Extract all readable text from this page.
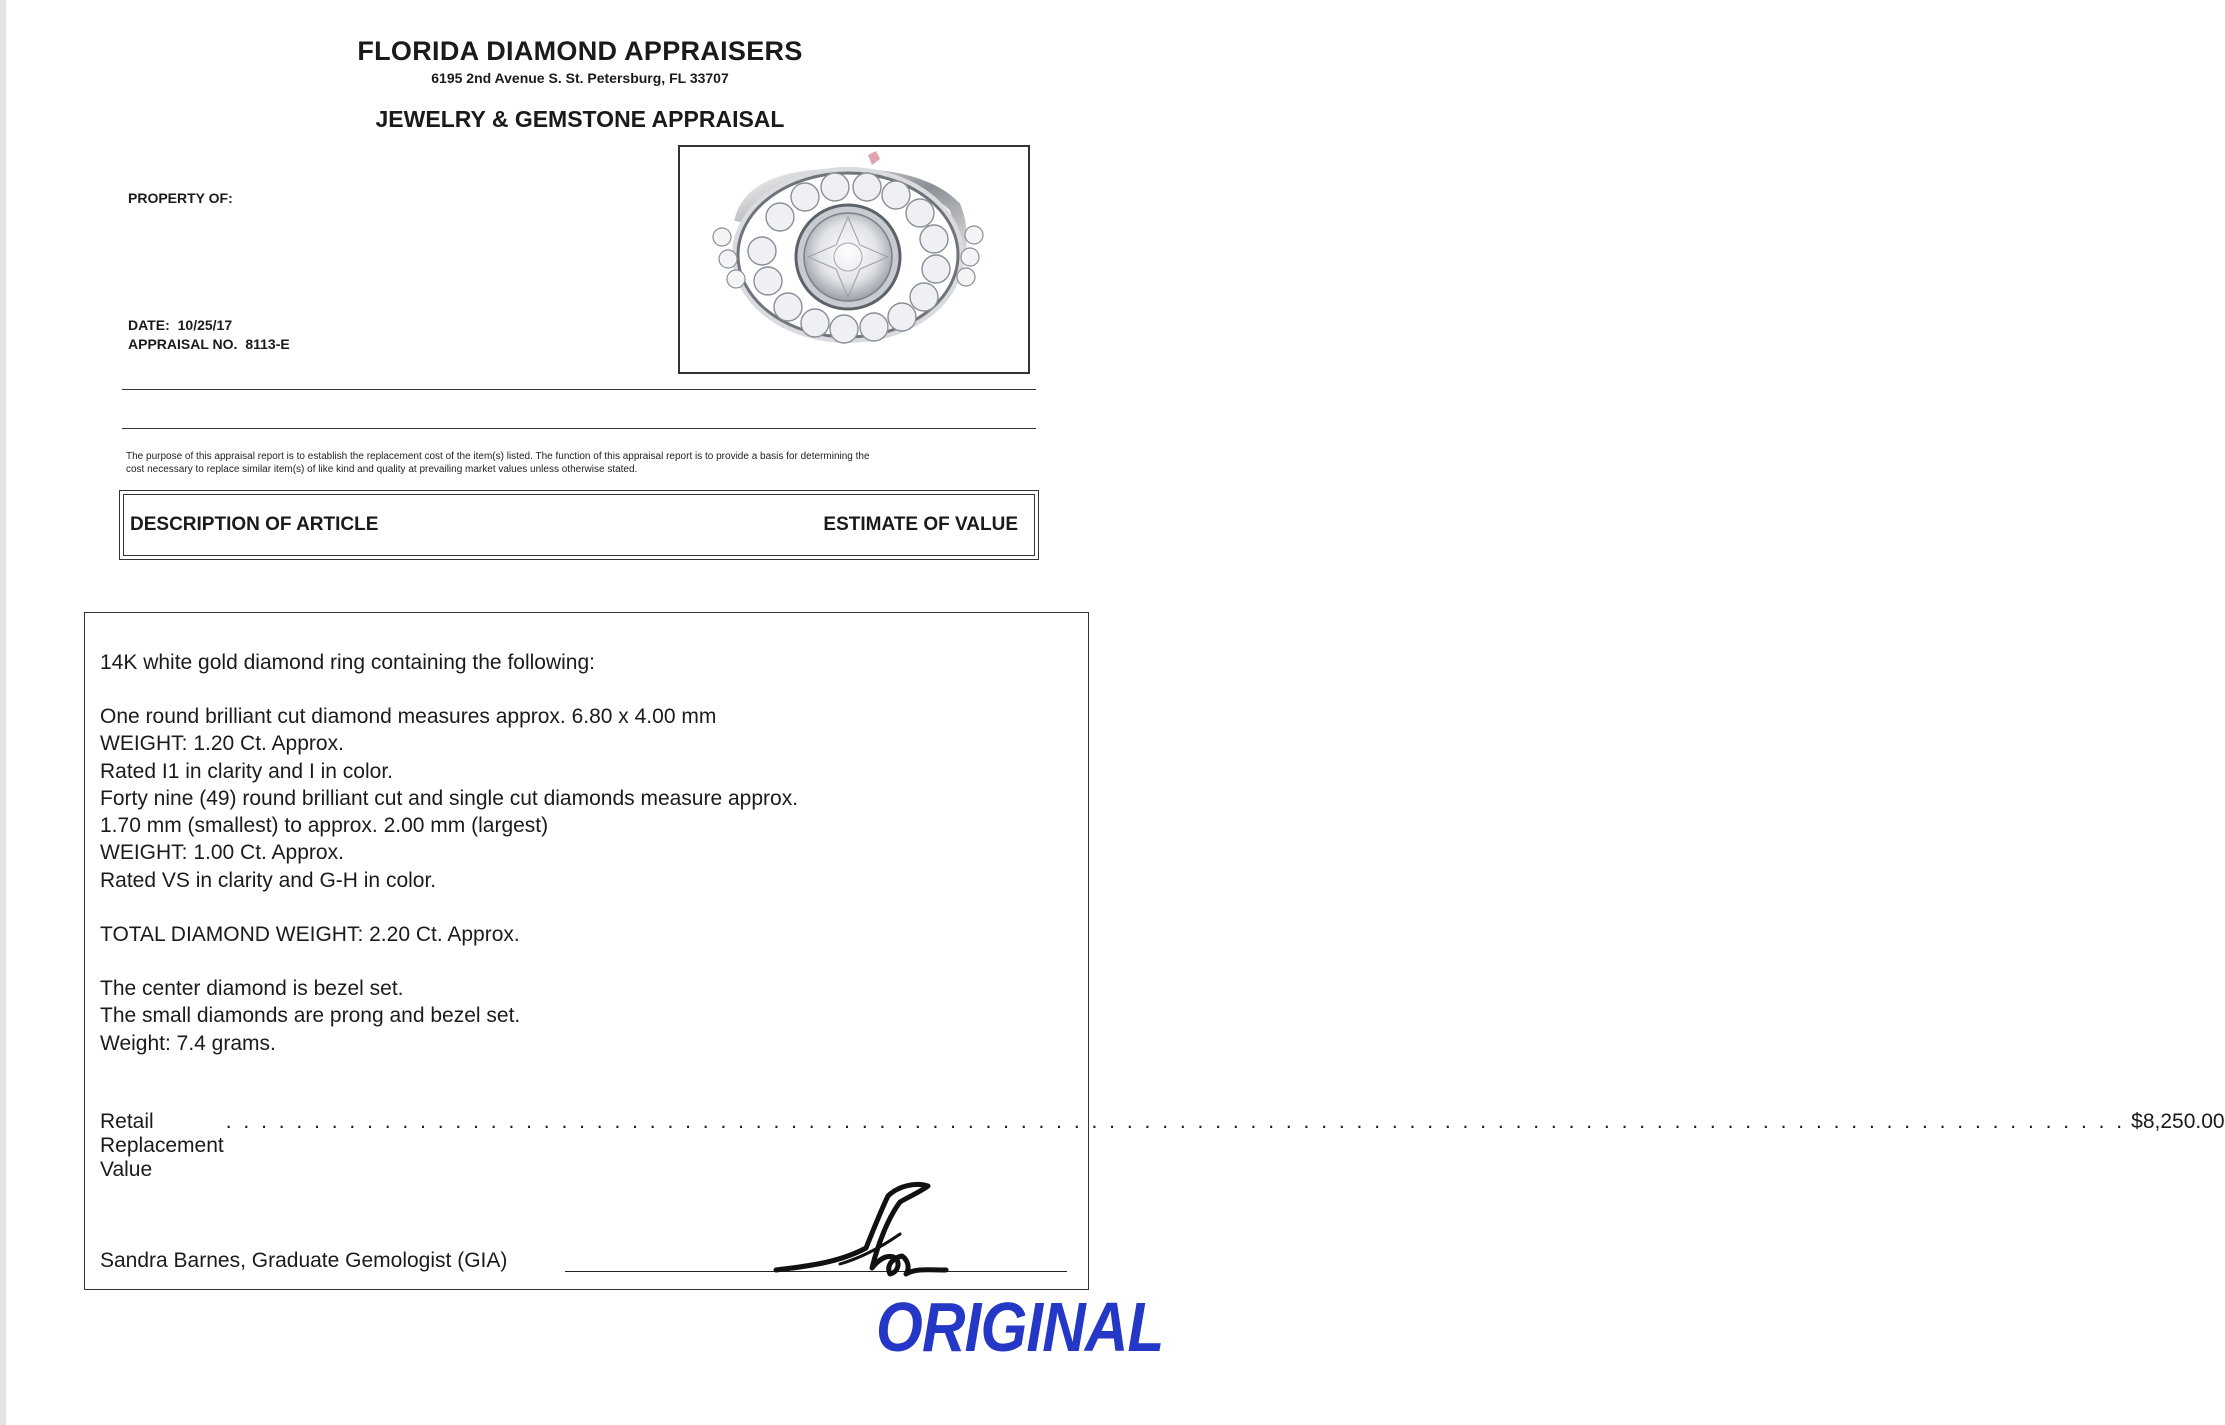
FLORIDA DIAMOND APPRAISERS
6195 2nd Avenue S. St. Petersburg, FL 33707
JEWELRY & GEMSTONE APPRAISAL
PROPERTY OF:
DATE: 10/25/17
APPRAISAL NO. 8113-E
The purpose of this appraisal report is to establish the replacement cost of the item(s) listed. The function of this appraisal report is to provide a basis for determining the
cost necessary to replace similar item(s) of like kind and quality at prevailing market values unless otherwise stated.
DESCRIPTION OF ARTICLE	ESTIMATE OF VALUE
14K white gold diamond ring containing the following:
One round brilliant cut diamond measures approx. 6.80 x 4.00 mm
WEIGHT: 1.20 Ct. Approx.
Rated I1 in clarity and I in color.
Forty nine (49) round brilliant cut and single cut diamonds measure approx.
1.70 mm (smallest) to approx. 2.00 mm (largest)
WEIGHT: 1.00 Ct. Approx.
Rated VS in clarity and G-H in color.
TOTAL DIAMOND WEIGHT: 2.20 Ct. Approx.
The center diamond is bezel set.
The small diamonds are prong and bezel set.
Weight: 7.4 grams.
Retail Replacement Value
. . . . . . . . . . . . . . . . . . . . . . . . . . . . . . . . . . . . . . . . . . . . . . . . . . . . . . . . . . . . . . . . . . . . . . . . . . . . . . . . . . . . . . . . . . . . . . . . . . . . . . . . . . . . $8,250.00
Sandra Barnes, Graduate Gemologist (GIA)
ORIGINAL
